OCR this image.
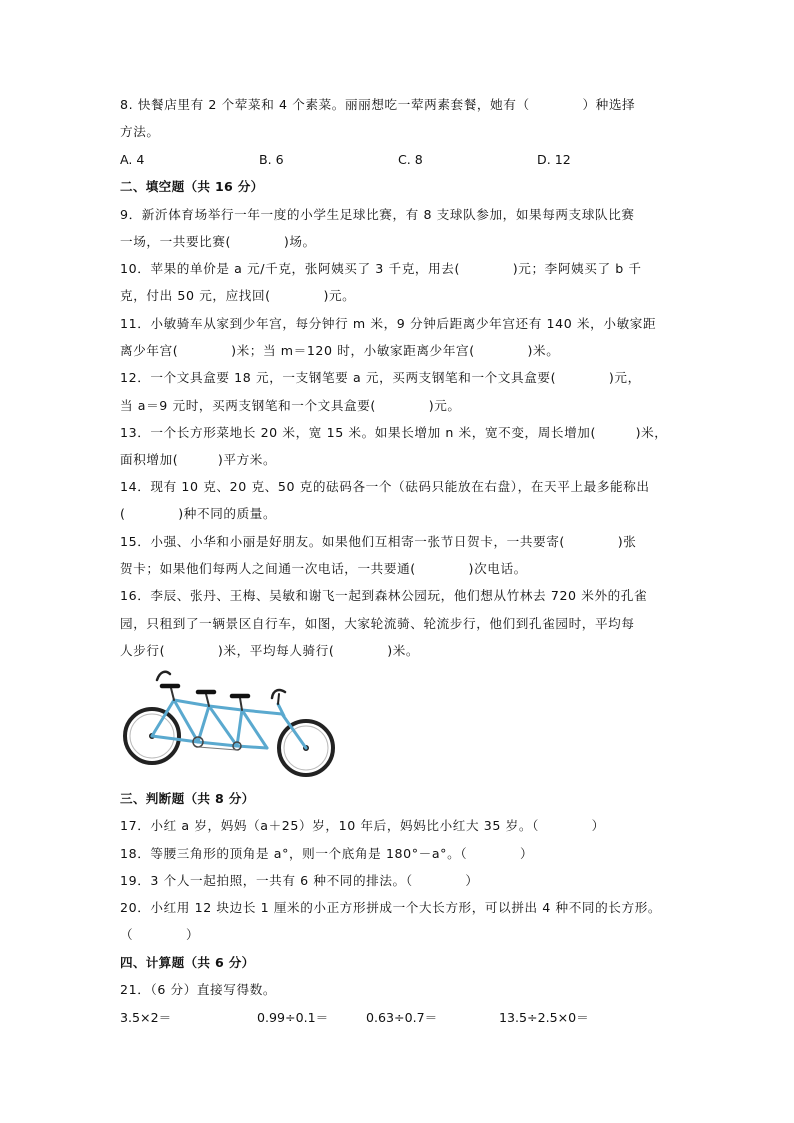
8. 快餐店里有 2 个荤菜和 4 个素菜。丽丽想吃一荤两素套餐，她有（　　　　）种选择
方法。
A. 4	B. 6	C. 8	D. 12
二、填空题（共 16 分）
9．新沂体育场举行一年一度的小学生足球比赛，有 8 支球队参加，如果每两支球队比赛
一场，一共要比赛(　　　　)场。
10．苹果的单价是 a 元/千克，张阿姨买了 3 千克，用去(　　　　)元；李阿姨买了 b 千
克，付出 50 元，应找回(　　　　)元。
11．小敏骑车从家到少年宫，每分钟行 m 米，9 分钟后距离少年宫还有 140 米，小敏家距
离少年宫(　　　　)米；当 m＝120 时，小敏家距离少年宫(　　　　)米。
12．一个文具盒要 18 元，一支钢笔要 a 元，买两支钢笔和一个文具盒要(　　　　)元，
当 a＝9 元时，买两支钢笔和一个文具盒要(　　　　)元。
13．一个长方形菜地长 20 米，宽 15 米。如果长增加 n 米，宽不变，周长增加(　　　)米，
面积增加(　　　)平方米。
14．现有 10 克、20 克、50 克的砝码各一个（砝码只能放在右盘），在天平上最多能称出
(　　　　)种不同的质量。
15．小强、小华和小丽是好朋友。如果他们互相寄一张节日贺卡，一共要寄(　　　　)张
贺卡；如果他们每两人之间通一次电话，一共要通(　　　　)次电话。
16．李辰、张丹、王梅、吴敏和谢飞一起到森林公园玩，他们想从竹林去 720 米外的孔雀
园，只租到了一辆景区自行车，如图，大家轮流骑、轮流步行，他们到孔雀园时，平均每
人步行(　　　　)米，平均每人骑行(　　　　)米。
三、判断题（共 8 分）
17．小红 a 岁，妈妈（a＋25）岁，10 年后，妈妈比小红大 35 岁。（　　　　）
18．等腰三角形的顶角是 a°，则一个底角是 180°－a°。（　　　　）
19．3 个人一起拍照，一共有 6 种不同的排法。（　　　　）
20．小红用 12 块边长 1 厘米的小正方形拼成一个大长方形，可以拼出 4 种不同的长方形。
（　　　　）
四、计算题（共 6 分）
21．（6 分）直接写得数。
3.5×2＝	0.99÷0.1＝	0.63÷0.7＝	13.5÷2.5×0＝
